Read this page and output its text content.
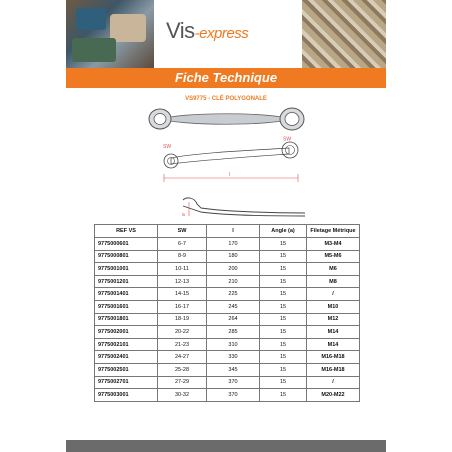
Vis-express
Fiche Technique
VS9775 - CLÉ POLYGONALE
SW
SW
l
a
REF VS	SW	l	Angle (a)	Filetage Métrique
9775000601	6-7	170	15	M3-M4
9775000801	8-9	180	15	M5-M6
9775001001	10-11	200	15	M6
9775001201	12-13	210	15	M8
9775001401	14-15	225	15	/
9775001601	16-17	245	15	M10
9775001801	18-19	264	15	M12
9775002001	20-22	285	15	M14
9775002101	21-23	310	15	M14
9775002401	24-27	330	15	M16-M18
9775002501	25-28	345	15	M16-M18
9775002701	27-29	370	15	/
9775003001	30-32	370	15	M20-M22
